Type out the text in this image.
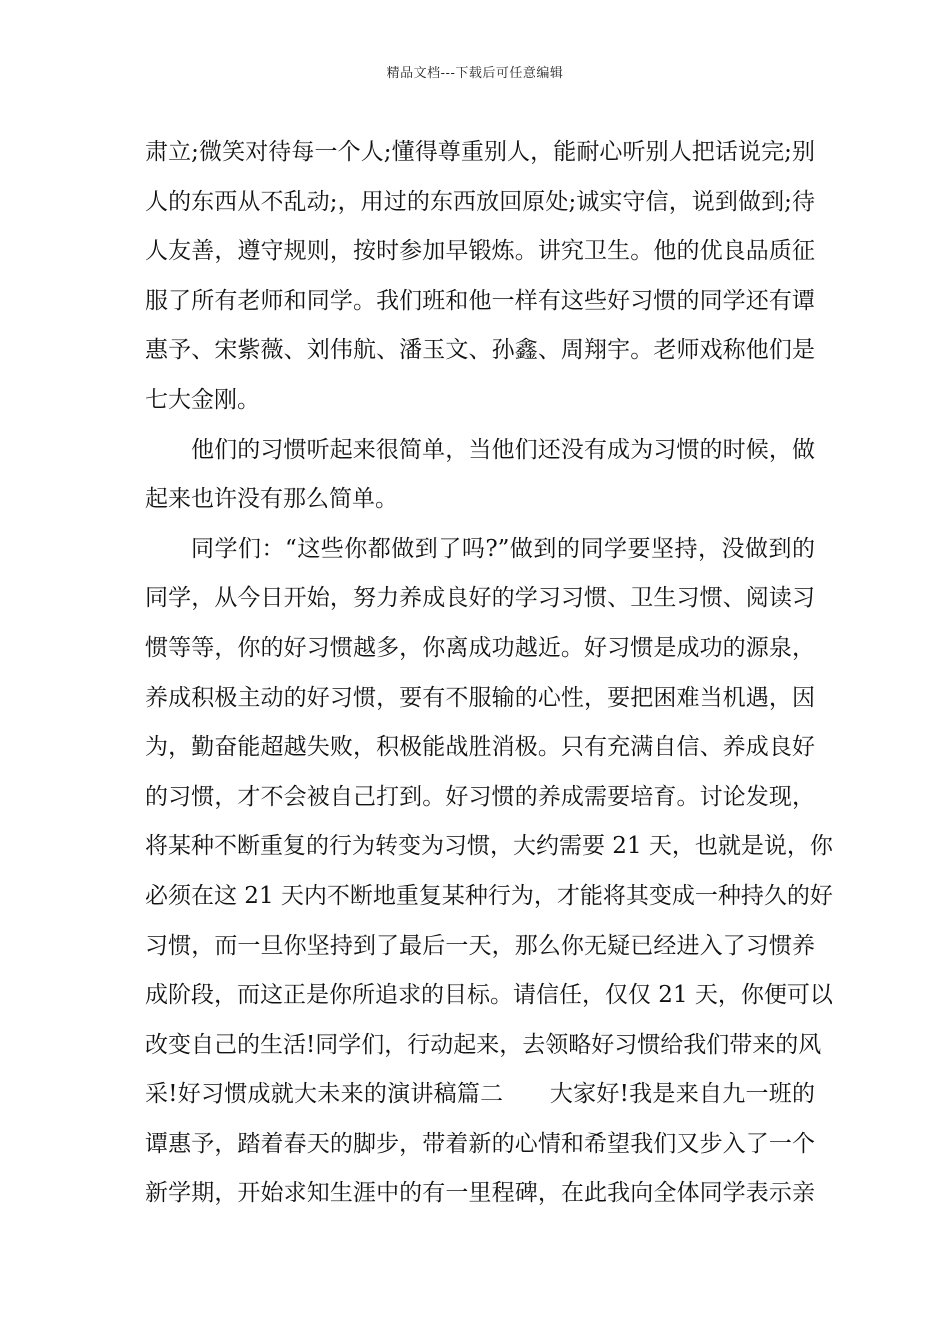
精品文档---下载后可任意编辑
肃立;微笑对待每一个人;懂得尊重别人，能耐心听别人把话说完;别
人的东西从不乱动;，用过的东西放回原处;诚实守信，说到做到;待
人友善，遵守规则，按时参加早锻炼。讲究卫生。他的优良品质征
服了所有老师和同学。我们班和他一样有这些好习惯的同学还有谭
惠予、宋紫薇、刘伟航、潘玉文、孙鑫、周翔宇。老师戏称他们是
七大金刚。
他们的习惯听起来很简单，当他们还没有成为习惯的时候，做
起来也许没有那么简单。
同学们：“这些你都做到了吗?”做到的同学要坚持，没做到的
同学，从今日开始，努力养成良好的学习习惯、卫生习惯、阅读习
惯等等，你的好习惯越多，你离成功越近。好习惯是成功的源泉，
养成积极主动的好习惯，要有不服输的心性，要把困难当机遇，因
为，勤奋能超越失败，积极能战胜消极。只有充满自信、养成良好
的习惯，才不会被自己打到。好习惯的养成需要培育。讨论发现，
将某种不断重复的行为转变为习惯，大约需要 21 天，也就是说，你
必须在这 21 天内不断地重复某种行为，才能将其变成一种持久的好
习惯，而一旦你坚持到了最后一天，那么你无疑已经进入了习惯养
成阶段，而这正是你所追求的目标。请信任，仅仅 21 天，你便可以
改变自己的生活!同学们，行动起来，去领略好习惯给我们带来的风
采!好习惯成就大未来的演讲稿篇二　　大家好!我是来自九一班的
谭惠予，踏着春天的脚步，带着新的心情和希望我们又步入了一个
新学期，开始求知生涯中的有一里程碑，在此我向全体同学表示亲
